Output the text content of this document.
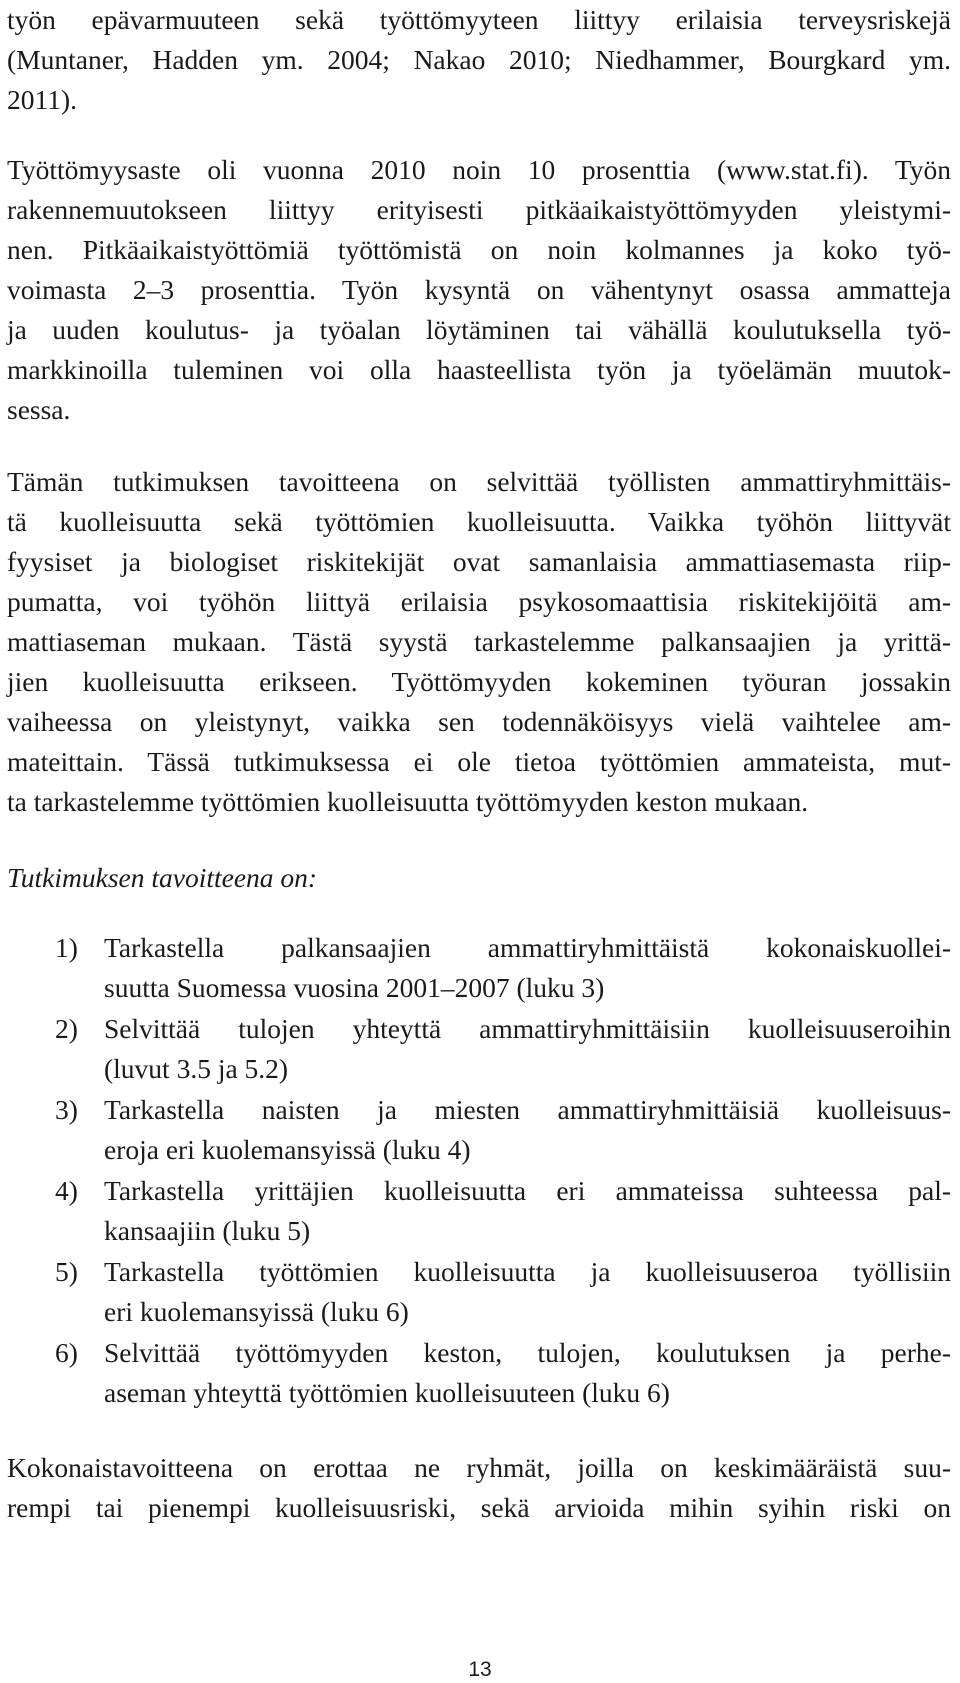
työn epävarmuuteen sekä työttömyyteen liittyy erilaisia terveysriskejä
(Muntaner, Hadden ym. 2004; Nakao 2010; Niedhammer, Bourgkard ym.
2011).
Työttömyysaste oli vuonna 2010 noin 10 prosenttia (www.stat.fi). Työn
rakennemuutokseen liittyy erityisesti pitkäaikaistyöttömyyden yleistymi-
nen. Pitkäaikaistyöttömiä työttömistä on noin kolmannes ja koko työ-
voimasta 2–3 prosenttia. Työn kysyntä on vähentynyt osassa ammatteja
ja uuden koulutus- ja työalan löytäminen tai vähällä koulutuksella työ-
markkinoilla tuleminen voi olla haasteellista työn ja työelämän muutok-
sessa.
Tämän tutkimuksen tavoitteena on selvittää työllisten ammattiryhmittäis-
tä kuolleisuutta sekä työttömien kuolleisuutta. Vaikka työhön liittyvät
fyysiset ja biologiset riskitekijät ovat samanlaisia ammattiasemasta riip-
pumatta, voi työhön liittyä erilaisia psykosomaattisia riskitekijöitä am-
mattiaseman mukaan. Tästä syystä tarkastelemme palkansaajien ja yrittä-
jien kuolleisuutta erikseen. Työttömyyden kokeminen työuran jossakin
vaiheessa on yleistynyt, vaikka sen todennäköisyys vielä vaihtelee am-
mateittain. Tässä tutkimuksessa ei ole tietoa työttömien ammateista, mut-
ta tarkastelemme työttömien kuolleisuutta työttömyyden keston mukaan.
Tutkimuksen tavoitteena on:
1) Tarkastella palkansaajien ammattiryhmittäistä kokonaiskuollei-
suutta Suomessa vuosina 2001–2007 (luku 3)
2) Selvittää tulojen yhteyttä ammattiryhmittäisiin kuolleisuuseroihin
(luvut 3.5 ja 5.2)
3) Tarkastella naisten ja miesten ammattiryhmittäisiä kuolleisuus-
eroja eri kuolemansyissä (luku 4)
4) Tarkastella yrittäjien kuolleisuutta eri ammateissa suhteessa pal-
kansaajiin (luku 5)
5) Tarkastella työttömien kuolleisuutta ja kuolleisuuseroa työllisiin
eri kuolemansyissä (luku 6)
6) Selvittää työttömyyden keston, tulojen, koulutuksen ja perhe-
aseman yhteyttä työttömien kuolleisuuteen (luku 6)
Kokonaistavoitteena on erottaa ne ryhmät, joilla on keskimääräistä suu-
rempi tai pienempi kuolleisuusriski, sekä arvioida mihin syihin riski on
13
